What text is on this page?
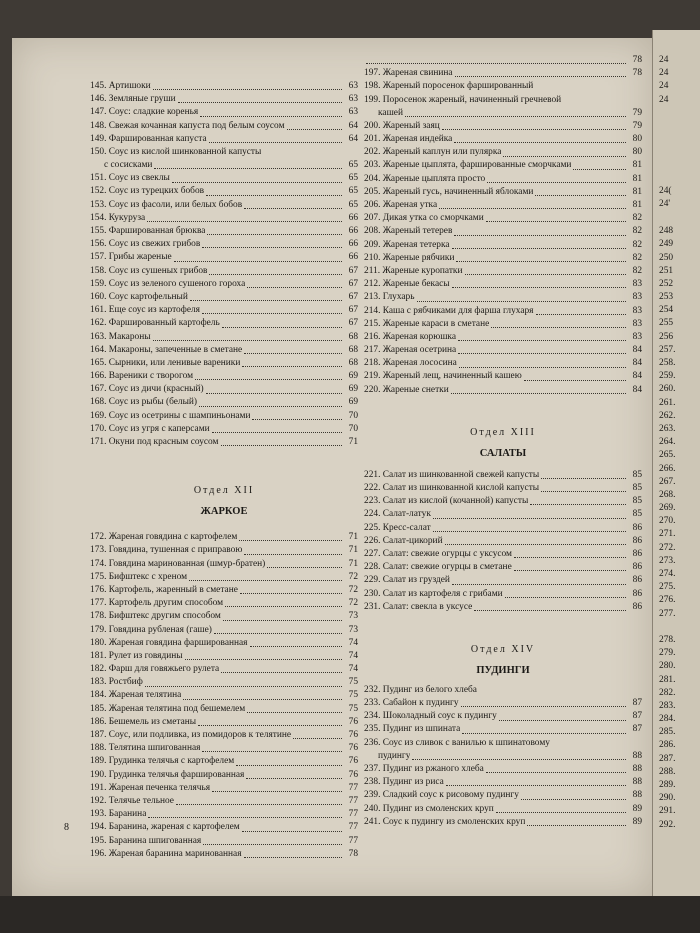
145. Артишоки	63
146. Земляные груши	63
147. Соус: сладкие коренья	63
148. Свежая кочанная капуста под белым соусом	64
149. Фаршированная капуста	64
150. Соус из кислой шинкованной капусты
с сосисками	65
151. Соус из свеклы	65
152. Соус из турецких бобов	65
153. Соус из фасоли, или белых бобов	65
154. Кукуруза	66
155. Фаршированная брюква	66
156. Соус из свежих грибов	66
157. Грибы жареные	66
158. Соус из сушеных грибов	67
159. Соус из зеленого сушеного гороха	67
160. Соус картофельный	67
161. Еще соус из картофеля	67
162. Фаршированный картофель	67
163. Макароны	68
164. Макароны, запеченные в сметане	68
165. Сырники, или ленивые вареники	68
166. Вареники с творогом	69
167. Соус из дичи (красный)	69
168. Соус из рыбы (белый)	69
169. Соус из осетрины с шампиньонами	70
170. Соус из угря с каперсами	70
171. Окуни под красным соусом	71
Отдел XII
ЖАРКОЕ
172. Жареная говядина с картофелем	71
173. Говядина, тушенная с приправою	71
174. Говядина маринованная (шмур-братен)	71
175. Бифштекс с хреном	72
176. Картофель, жаренный в сметане	72
177. Картофель другим способом	72
178. Бифштекс другим способом	73
179. Говядина рубленая (гаше)	73
180. Жареная говядина фаршированная	74
181. Рулет из говядины	74
182. Фарш для говяжьего рулета	74
183. Ростбиф	75
184. Жареная телятина	75
185. Жареная телятина под бешемелем	75
186. Бешемель из сметаны	76
187. Соус, или подливка, из помидоров к телятине	76
188. Телятина шпигованная	76
189. Грудинка телячья с картофелем	76
190. Грудинка телячья фаршированная	76
191. Жареная печенка телячья	77
192. Телячье тельное	77
193. Баранина	77
194. Баранина, жареная с картофелем	77
195. Баранина шпигованная	77
196. Жареная баранина маринованная	78
8
78
197. Жареная свинина	78
198. Жареный поросенок фаршированный
199. Поросенок жареный, начиненный гречневой
кашей	79
200. Жареный заяц	79
201. Жареная индейка	80
202. Жареный каплун или пулярка	80
203. Жареные цыплята, фаршированные сморчками	81
204. Жареные цыплята просто	81
205. Жареный гусь, начиненный яблоками	81
206. Жареная утка	81
207. Дикая утка со сморчками	82
208. Жареный тетерев	82
209. Жареная тетерка	82
210. Жареные рябчики	82
211. Жареные куропатки	82
212. Жареные бекасы	83
213. Глухарь	83
214. Каша с рябчиками для фарша глухаря	83
215. Жареные караси в сметане	83
216. Жареная корюшка	83
217. Жареная осетрина	84
218. Жареная лососина	84
219. Жареный лещ, начиненный кашею	84
220. Жареные снетки	84
Отдел XIII
САЛАТЫ
221. Салат из шинкованной свежей капусты	85
222. Салат из шинкованной кислой капусты	85
223. Салат из кислой (кочанной) капусты	85
224. Салат-латук	85
225. Кресс-салат	86
226. Салат-цикорий	86
227. Салат: свежие огурцы с уксусом	86
228. Салат: свежие огурцы в сметане	86
229. Салат из груздей	86
230. Салат из картофеля с грибами	86
231. Салат: свекла в уксусе	86
Отдел XIV
ПУДИНГИ
232. Пудинг из белого хлеба
233. Сабайон к пудингу	87
234. Шоколадный соус к пудингу	87
235. Пудинг из шпината	87
236. Соус из сливок с ванилью к шпинатовому
пудингу	88
237. Пудинг из ржаного хлеба	88
238. Пудинг из риса	88
239. Сладкий соус к рисовому пудингу	88
240. Пудинг из смоленских круп	89
241. Соус к пудингу из смоленских круп	89
24
24
24
24
24(
24'
248
249
250
251
252
253
254
255
256
257.
258.
259.
260.
261.
262.
263.
264.
265.
266.
267.
268.
269.
270.
271.
272.
273.
274.
275.
276.
277.
278.
279.
280.
281.
282.
283.
284.
285.
286.
287.
288.
289.
290.
291.
292.
